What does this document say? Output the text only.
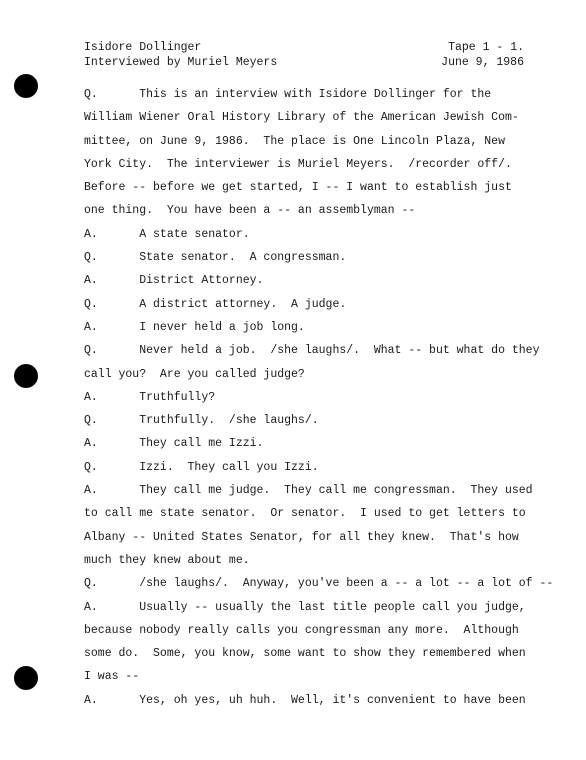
Isidore Dollinger	Tape 1 - 1.
Interviewed by Muriel Meyers	June 9, 1986
Q.      This is an interview with Isidore Dollinger for the
William Wiener Oral History Library of the American Jewish Com-
mittee, on June 9, 1986.  The place is One Lincoln Plaza, New
York City.  The interviewer is Muriel Meyers.  /recorder off/.
Before -- before we get started, I -- I want to establish just
one thing.  You have been a -- an assemblyman --
A.      A state senator.
Q.      State senator.  A congressman.
A.      District Attorney.
Q.      A district attorney.  A judge.
A.      I never held a job long.
Q.      Never held a job.  /she laughs/.  What -- but what do they
call you?  Are you called judge?
A.      Truthfully?
Q.      Truthfully.  /she laughs/.
A.      They call me Izzi.
Q.      Izzi.  They call you Izzi.
A.      They call me judge.  They call me congressman.  They used
to call me state senator.  Or senator.  I used to get letters to
Albany -- United States Senator, for all they knew.  That's how
much they knew about me.
Q.      /she laughs/.  Anyway, you've been a -- a lot -- a lot of --
A.      Usually -- usually the last title people call you judge,
because nobody really calls you congressman any more.  Although
some do.  Some, you know, some want to show they remembered when
I was --
A.      Yes, oh yes, uh huh.  Well, it's convenient to have been
